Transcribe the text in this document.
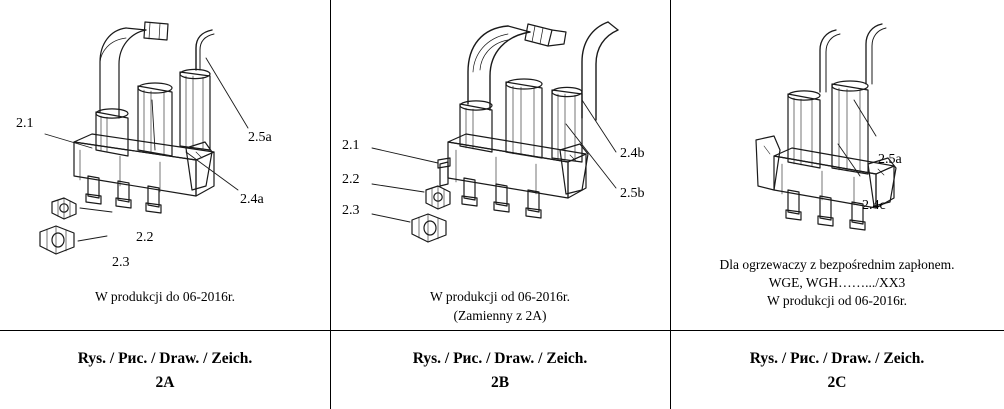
2.1
2.2
2.3
2.4a
2.5a
W produkcji do 06-2016r.
Rys. / Рис. / Draw. / Zeich.
2A
2.1
2.2
2.3
2.4b
2.5b
W produkcji od 06-2016r.
(Zamienny z 2A)
Rys. / Рис. / Draw. / Zeich.
2B
2.5a
2.4c
Dla ogrzewaczy z bezpośrednim zapłonem.
WGE, WGH…….../XX3
W produkcji od 06-2016r.
Rys. / Рис. / Draw. / Zeich.
2C
